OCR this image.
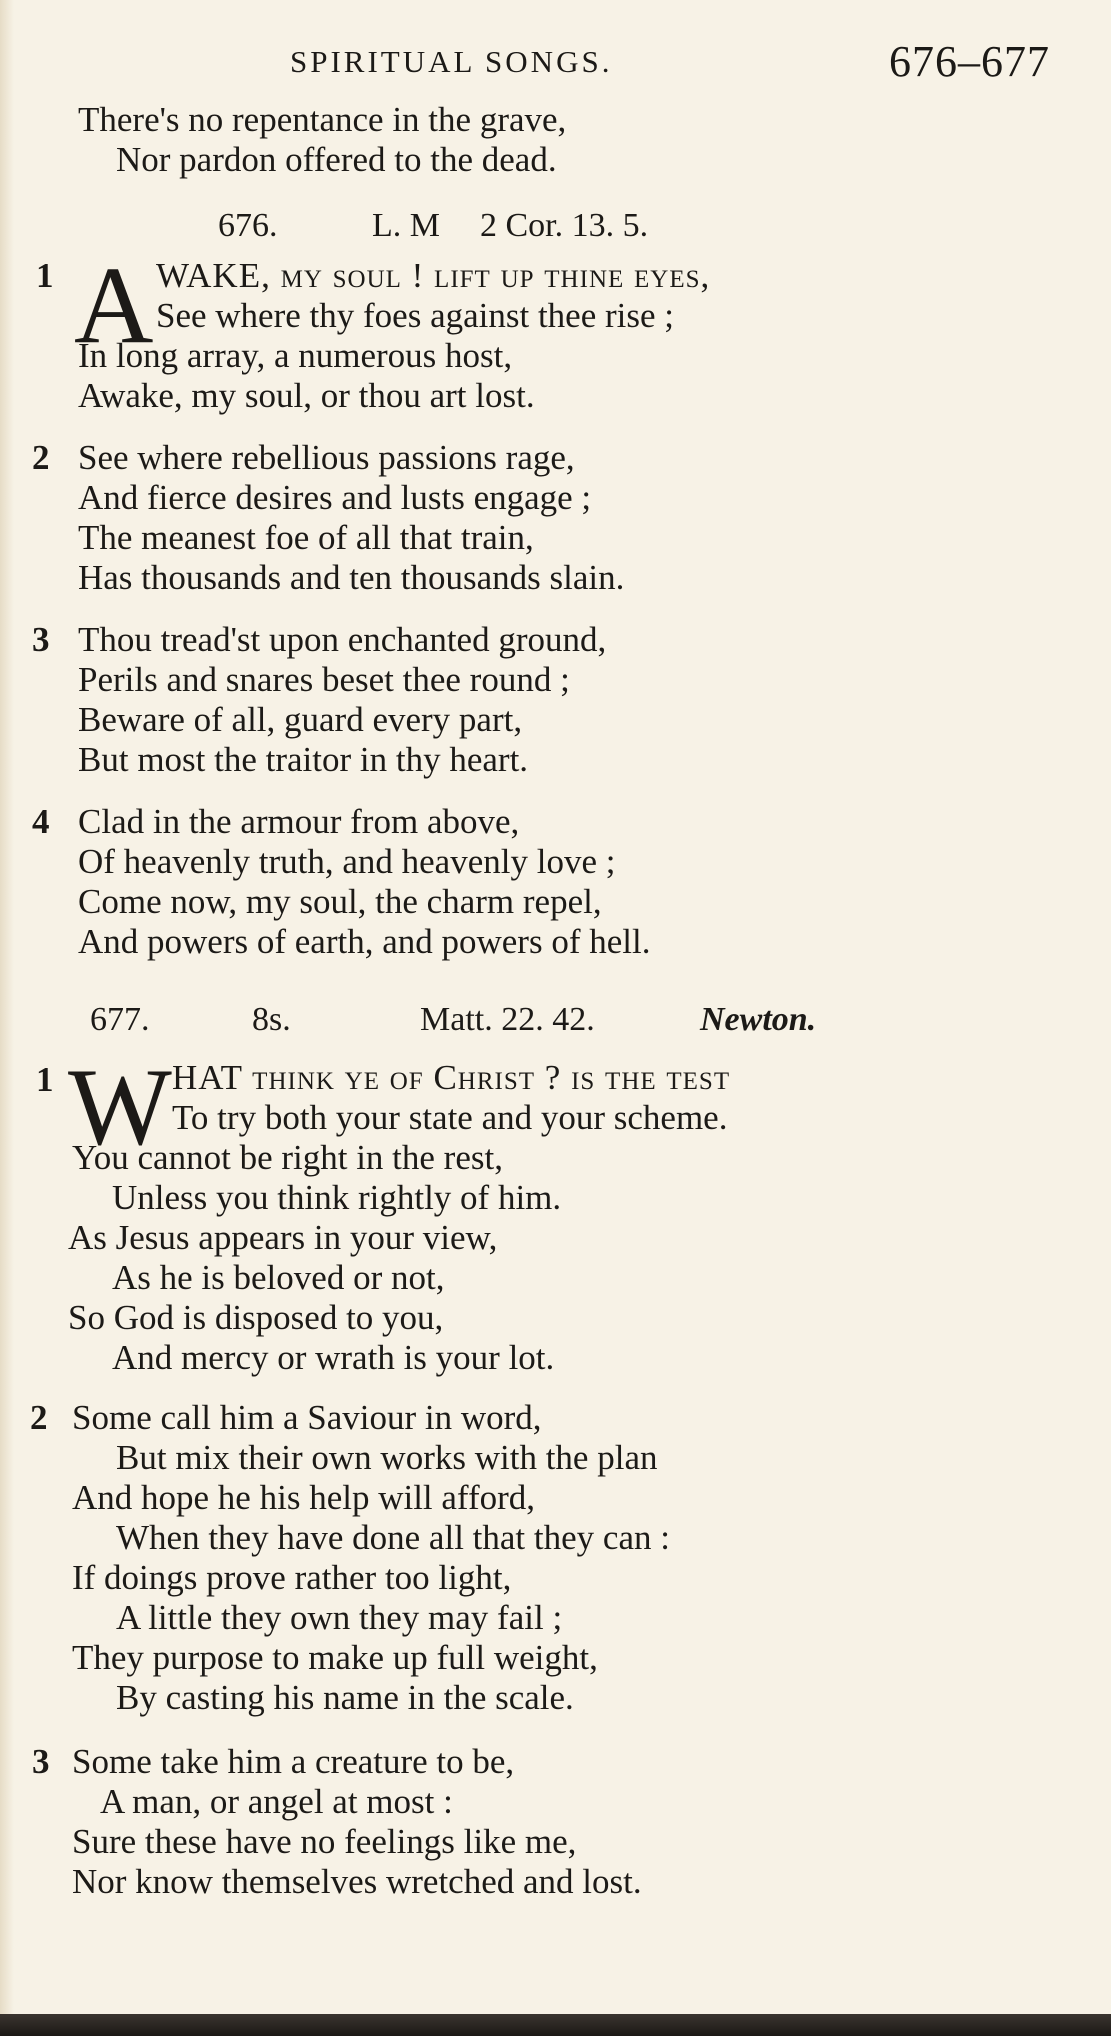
SPIRITUAL SONGS.	676–677
There's no repentance in the grave,
Nor pardon offered to the dead.
676.	L. M 2 Cor. 13. 5.
1 A WAKE, my soul ! lift up thine eyes,
See where thy foes against thee rise ;
In long array, a numerous host,
Awake, my soul, or thou art lost.
2 See where rebellious passions rage,
And fierce desires and lusts engage ;
The meanest foe of all that train,
Has thousands and ten thousands slain.
3 Thou tread'st upon enchanted ground,
Perils and snares beset thee round ;
Beware of all, guard every part,
But most the traitor in thy heart.
4 Clad in the armour from above,
Of heavenly truth, and heavenly love ;
Come now, my soul, the charm repel,
And powers of earth, and powers of hell.
677.	8s.	Matt. 22. 42.	Newton.
1 W HAT think ye of Christ ? is the test
To try both your state and your scheme.
You cannot be right in the rest,
Unless you think rightly of him.
As Jesus appears in your view,
As he is beloved or not,
So God is disposed to you,
And mercy or wrath is your lot.
2 Some call him a Saviour in word,
But mix their own works with the plan
And hope he his help will afford,
When they have done all that they can :
If doings prove rather too light,
A little they own they may fail ;
They purpose to make up full weight,
By casting his name in the scale.
3 Some take him a creature to be,
A man, or angel at most :
Sure these have no feelings like me,
Nor know themselves wretched and lost.
